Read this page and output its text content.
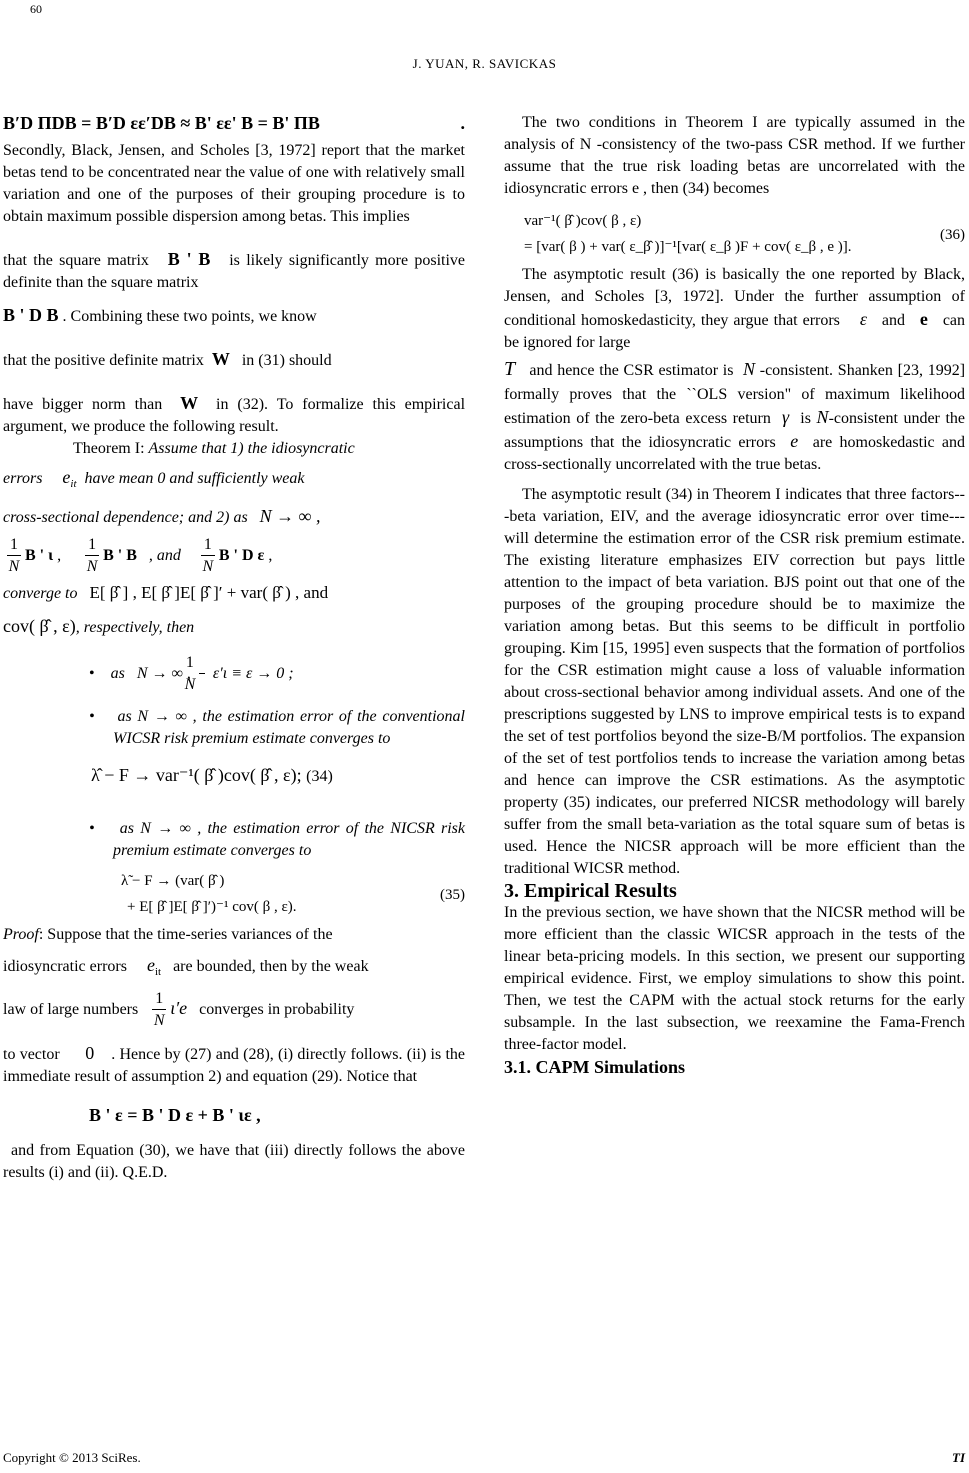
60
J. YUAN, R. SAVICKAS

B′D ΠDB = B′D εε′DB ≈ B' εε' B = B' ΠB	.

Secondly, Black, Jensen, and Scholes [3, 1972] report that the market betas tend to be concentrated near the value of one with relatively small variation and one of the purposes of their grouping procedure is to obtain maximum possible dispersion among betas. This implies

that the square matrix B ' B is likely significantly more positive definite than the square matrix

B ' D B . Combining these two points, we know

that the positive definite matrix W in (31) should

have bigger norm than W in (32). To formalize this empirical argument, we produce the following result.

Theorem I: Assume that 1) the idiosyncratic

errors $e_{it}$ have mean 0 and sufficiently weak

cross-sectional dependence; and 2) as N → ∞ ,

$\frac{1}{N}$ B ' ι , $\frac{1}{N}$ B ' B , and $\frac{1}{N}$ B ' D ε ,

converge to E[ β̂ ] , E[ β̂ ]E[ β̂ ]′ + var( β̂ ) , and

cov( β̂ , ε), respectively, then

•    as N → ∞ , $\frac{1}{N} \varepsilon'\iota \equiv \varepsilon \to 0$ ;

•    as N → ∞ , the estimation error of the conventional WICSR risk premium estimate converges to

λ̂ − F → var⁻¹( β̂ )cov( β̂ , ε); (34)

•    as N → ∞ , the estimation error of the NICSR risk premium estimate converges to

λ̃ − F → (var( β̂ )
+ E[ β̂ ]E[ β̂ ]′)⁻¹ cov( β , ε).
(35)

Proof: Suppose that the time-series variances of the

idiosyncratic errors $e_{it}$ are bounded, then by the weak

law of large numbers $\frac{1}{N} \iota'e$ converges in probability

to vector 0 . Hence by (27) and (28), (i) directly follows. (ii) is the immediate result of assumption 2) and equation (29). Notice that

B ' ε = B ' D ε + B ' ιε ,

and from Equation (30), we have that (iii) directly follows the above results (i) and (ii). Q.E.D.

The two conditions in Theorem I are typically assumed in the analysis of N -consistency of the two-pass CSR method. If we further assume that the true risk loading betas are uncorrelated with the idiosyncratic errors e , then (34) becomes

var⁻¹( β̂ )cov( β , ε)
= [var( β ) + var( ε_β̂ )]⁻¹[var( ε_β )F + cov( ε_β , e )].
(36)

The asymptotic result (36) is basically the one reported by Black, Jensen, and Scholes [3, 1972]. Under the further assumption of conditional homoskedasticity, they argue that errors ε and e can be ignored for large
T and hence the CSR estimator is N -consistent. Shanken [23, 1992] formally proves that the ``OLS version" of maximum likelihood estimation of the zero-beta excess return γ is N-consistent under the assumptions that the idiosyncratic errors e are homoskedastic and cross-sectionally uncorrelated with the true betas.

The asymptotic result (34) in Theorem I indicates that three factors---beta variation, EIV, and the average idiosyncratic error over time---will determine the estimation error of the CSR risk premium estimate. The existing literature emphasizes EIV correction but pays little attention to the impact of beta variation. BJS point out that one of the purposes of the grouping procedure should be to maximize the variation among betas. But this seems to be difficult in portfolio grouping. Kim [15, 1995] even suspects that the formation of portfolios for the CSR estimation might cause a loss of valuable information about cross-sectional behavior among individual assets. And one of the prescriptions suggested by LNS to improve empirical tests is to expand the set of test portfolios beyond the size-B/M portfolios. The expansion of the set of test portfolios tends to increase the variation among betas and hence can improve the CSR estimations. As the asymptotic property (35) indicates, our preferred NICSR methodology will barely suffer from the small beta-variation as the total square sum of betas is used. Hence the NICSR approach will be more efficient than the traditional WICSR method.

3. Empirical Results

In the previous section, we have shown that the NICSR method will be more efficient than the classic WICSR approach in the tests of the linear beta-pricing models. In this section, we present our supporting empirical evidence. First, we employ simulations to show this point. Then, we test the CAPM with the actual stock returns for the early subsample. In the last subsection, we reexamine the Fama-French three-factor model.

3.1. CAPM Simulations

Copyright © 2013 SciRes.	TI
